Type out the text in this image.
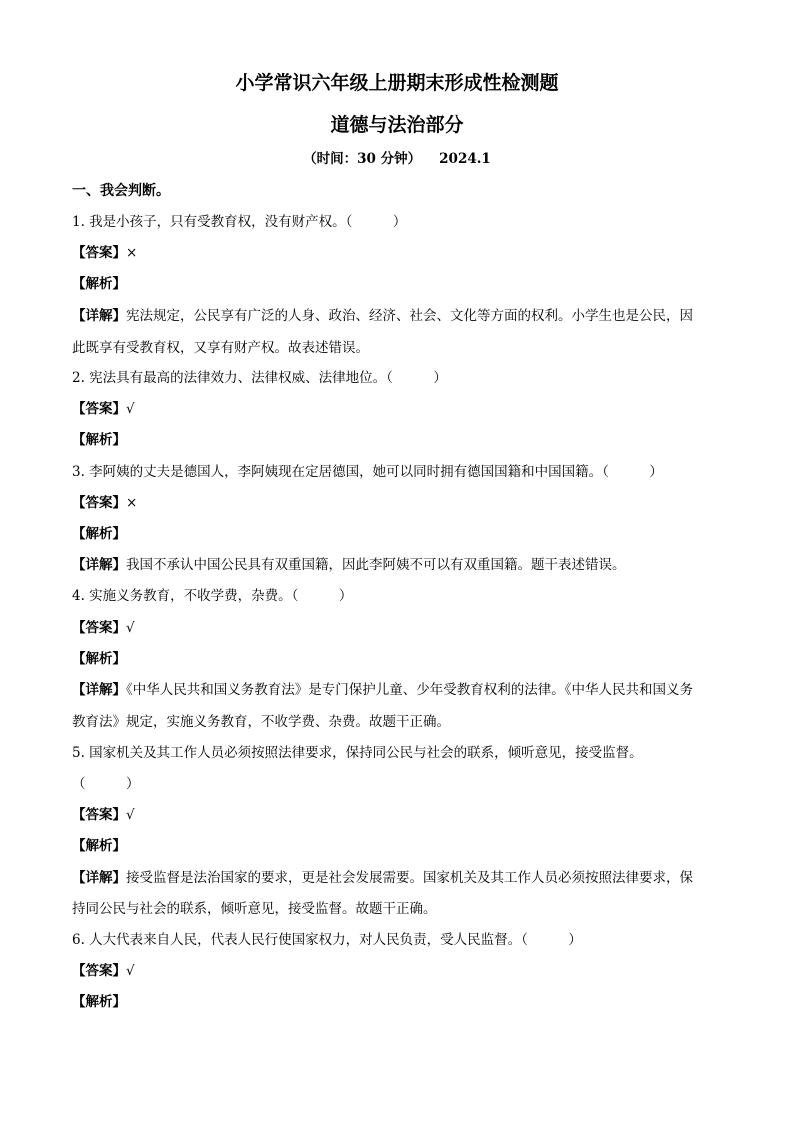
小学常识六年级上册期末形成性检测题
道德与法治部分
（时间：30 分钟） 2024.1
一、我会判断。
1. 我是小孩子，只有受教育权，没有财产权。（　　　）
【答案】×
【解析】
【详解】宪法规定，公民享有广泛的人身、政治、经济、社会、文化等方面的权利。小学生也是公民，因
此既享有受教育权，又享有财产权。故表述错误。
2. 宪法具有最高的法律效力、法律权威、法律地位。（　　　）
【答案】√
【解析】
3. 李阿姨的丈夫是德国人，李阿姨现在定居德国，她可以同时拥有德国国籍和中国国籍。（　　　）
【答案】×
【解析】
【详解】我国不承认中国公民具有双重国籍，因此李阿姨不可以有双重国籍。题干表述错误。
4. 实施义务教育，不收学费，杂费。（　　　）
【答案】√
【解析】
【详解】《中华人民共和国义务教育法》是专门保护儿童、少年受教育权利的法律。《中华人民共和国义务
教育法》规定，实施义务教育，不收学费、杂费。故题干正确。
5. 国家机关及其工作人员必须按照法律要求，保持同公民与社会的联系，倾听意见，接受监督。
（　　　）
【答案】√
【解析】
【详解】接受监督是法治国家的要求，更是社会发展需要。国家机关及其工作人员必须按照法律要求，保
持同公民与社会的联系，倾听意见，接受监督。故题干正确。
6. 人大代表来自人民，代表人民行使国家权力，对人民负责，受人民监督。（　　　）
【答案】√
【解析】
